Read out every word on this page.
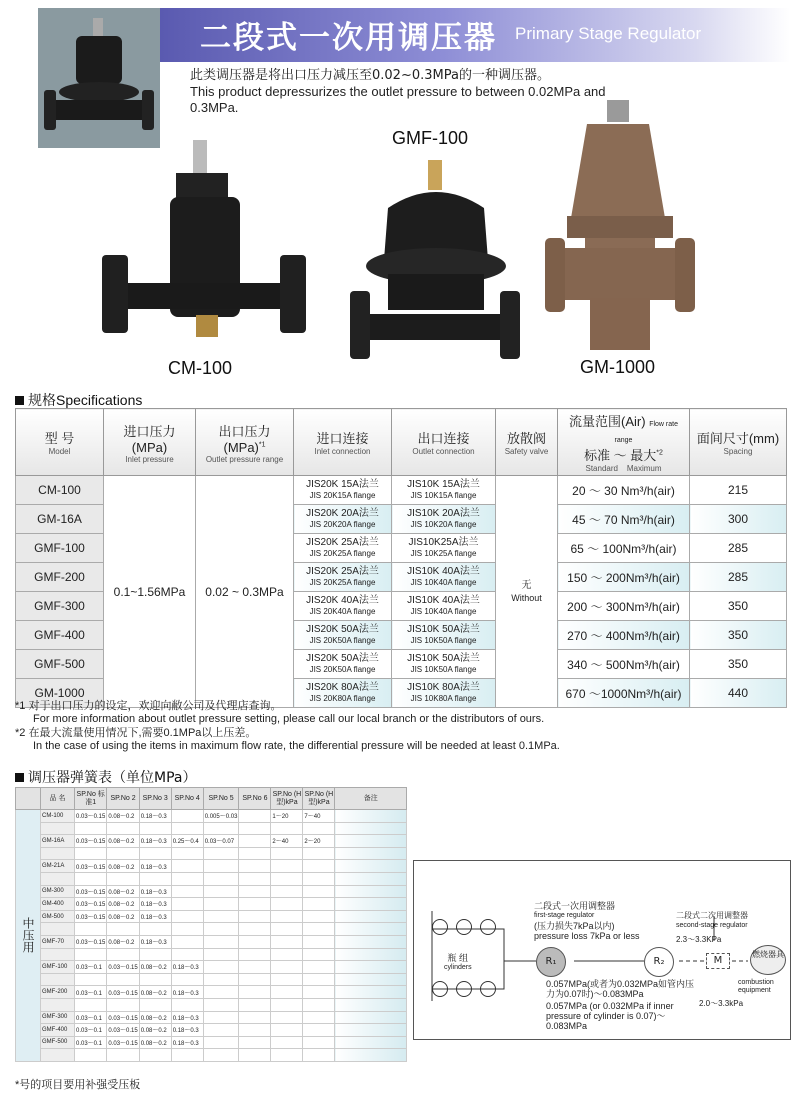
二段式一次用调压器 Primary Stage Regulator
此类调压器是将出口压力减压至0.02~0.3MPa的一种调压器。
This product depressurizes the outlet pressure to between 0.02MPa and 0.3MPa.
CM-100
GMF-100
GM-1000
规格Specifications
型 号
Model	进口压力(MPa)
Inlet pressure	出口压力(MPa)$^{*1}$
Outlet pressure range	进口连接
Inlet connection	出口连接
Outlet connection	放散阀
Safety valve	流量范围(Air) Flow rate range
标准 ～ 最大$^{*2}$
Standard Maximum	面间尺寸(mm)
Spacing

CM-100	0.1~1.56MPa	0.02 ~ 0.3MPa	JIS20K 15A法兰
JIS 20K15A flange	JIS10K 15A法兰
JIS 10K15A flange	无
Without	20 ～ 30 Nm³/h(air)	215
GM-16A			JIS20K 20A法兰
JIS 20K20A flange	JIS10K 20A法兰
JIS 10K20A flange		45 ～ 70 Nm³/h(air)	300
GMF-100			JIS20K 25A法兰
JIS 20K25A flange	JIS10K25A法兰
JIS 10K25A flange		65 ～ 100Nm³/h(air)	285
GMF-200			JIS20K 25A法兰
JIS 20K25A flange	JIS10K 40A法兰
JIS 10K40A flange		150 ～ 200Nm³/h(air)	285
GMF-300			JIS20K 40A法兰
JIS 20K40A flange	JIS10K 40A法兰
JIS 10K40A flange		200 ～ 300Nm³/h(air)	350
GMF-400			JIS20K 50A法兰
JIS 20K50A flange	JIS10K 50A法兰
JIS 10K50A flange		270 ～ 400Nm³/h(air)	350
GMF-500			JIS20K 50A法兰
JIS 20K50A flange	JIS10K 50A法兰
JIS 10K50A flange		340 ～ 500Nm³/h(air)	350
GM-1000			JIS20K 80A法兰
JIS 20K80A flange	JIS10K 80A法兰
JIS 10K80A flange		670 ～1000Nm³/h(air)	440
*1 对于出口压力的设定，欢迎向敝公司及代理店查询。
For more information about outlet pressure setting, please call our local branch or the distributors of ours.
*2 在最大流量使用情况下,需要0.1MPa以上压差。
In the case of using the items in maximum flow rate, the differential pressure will be needed at least 0.1MPa.
调压器弹簧表（单位MPa）
	品 名	SP.No 标准1	SP.No 2	SP.No 3	SP.No 4	SP.No 5	SP.No 6	SP.No (H型)kPa	SP.No (H型)kPa	备注
中压用	CM-100	0.03～0.15	0.08～0.2	0.18～0.3		0.005～0.03		1～20	7～40	

	GM-16A	0.03～0.15	0.08～0.2	0.18～0.3	0.25～0.4	0.03～0.07		2～40	2～20	

	GM-21A	0.03～0.15	0.08～0.2	0.18～0.3						

	GM-300	0.03～0.15	0.08～0.2	0.18～0.3						
	GM-400	0.03～0.15	0.08～0.2	0.18～0.3						
	GM-500	0.03～0.15	0.08～0.2	0.18～0.3						

	GMF-70	0.03～0.15	0.08～0.2	0.18～0.3						

	GMF-100	0.03～0.1	0.03～0.15	0.08～0.2	0.18～0.3					

	GMF-200	0.03～0.1	0.03～0.15	0.08～0.2	0.18～0.3					

	GMF-300	0.03～0.1	0.03～0.15	0.08～0.2	0.18～0.3					
	GMF-400	0.03～0.1	0.03～0.15	0.08～0.2	0.18～0.3					
	GMF-500	0.03～0.1	0.03～0.15	0.08～0.2	0.18～0.3					

*号的项目要用补强受压板
瓶 组
cylinders
R₁	R₂	M
燃烧器具
combustion equipment
二段式一次用调整器
first-stage regulator
(压力损失7kPa以内)
pressure loss 7kPa or less
二段式二次用调整器
second-stage regulator
2.3～3.3KPa
2.0～3.3kPa
0.057MPa(或者为0.032MPa如管内压力为0.07时)～0.083MPa
0.057MPa (or 0.032MPa if inner pressure of cylinder is 0.07)～0.083MPa
